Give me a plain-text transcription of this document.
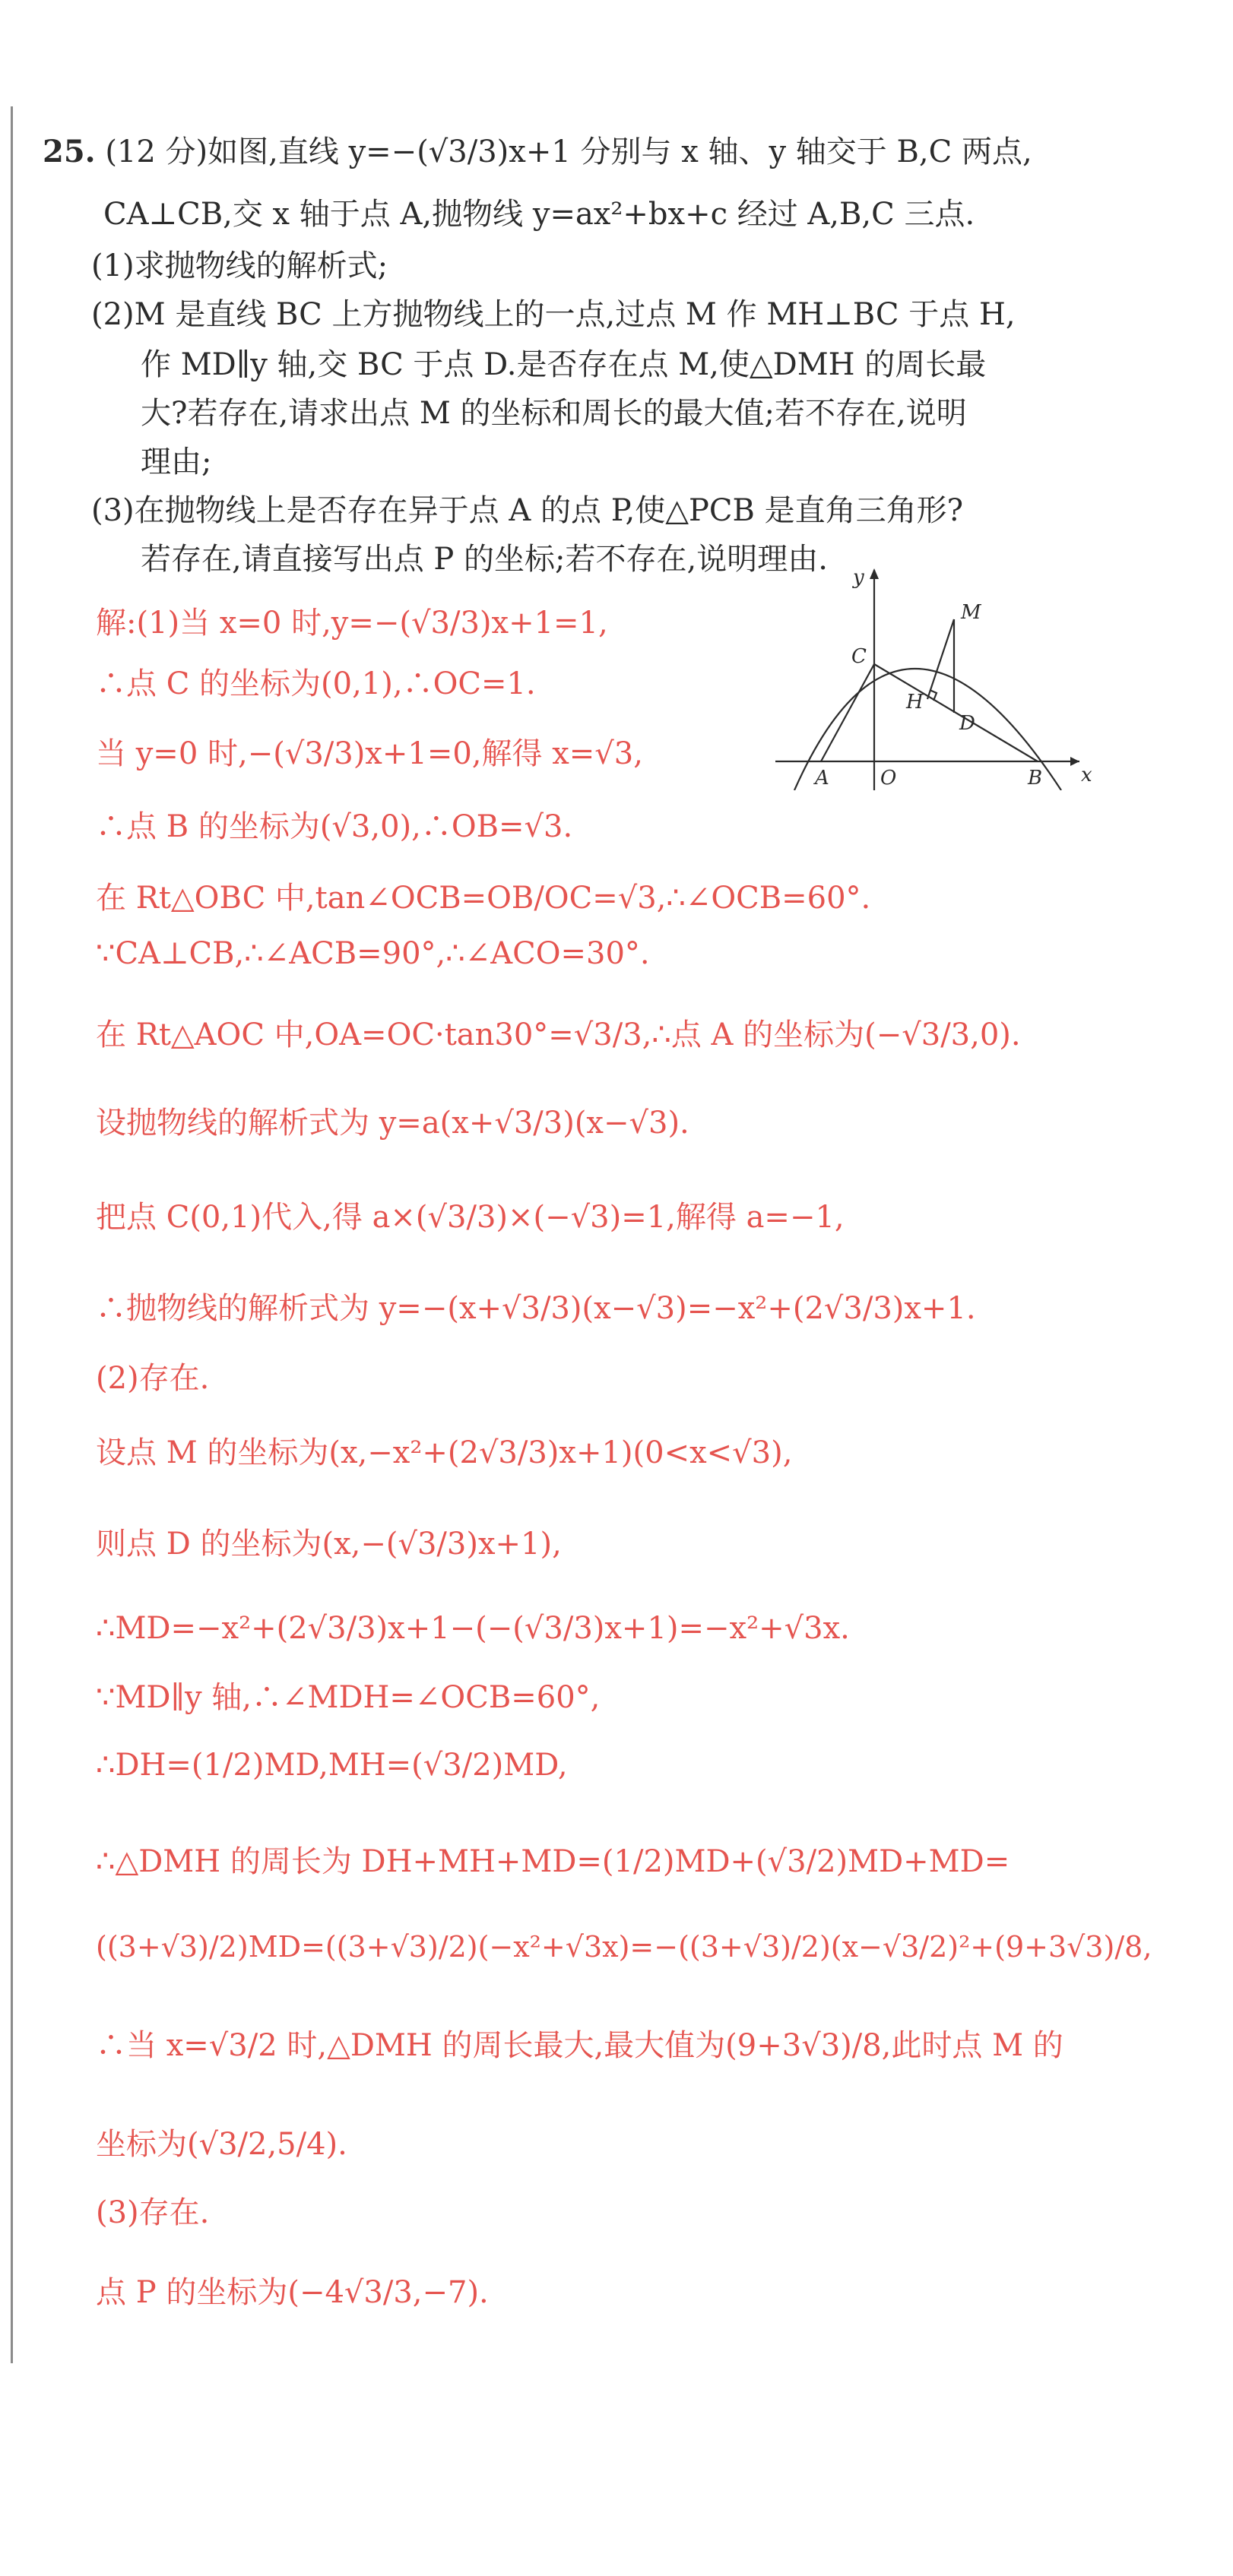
25. (12 分)如图,直线 y=−(√3/3)x+1 分别与 x 轴、y 轴交于 B,C 两点,
CA⊥CB,交 x 轴于点 A,抛物线 y=ax²+bx+c 经过 A,B,C 三点.
(1)求抛物线的解析式;
(2)M 是直线 BC 上方抛物线上的一点,过点 M 作 MH⊥BC 于点 H,
作 MD∥y 轴,交 BC 于点 D.是否存在点 M,使△DMH 的周长最
大?若存在,请求出点 M 的坐标和周长的最大值;若不存在,说明
理由;
(3)在抛物线上是否存在异于点 A 的点 P,使△PCB 是直角三角形?
若存在,请直接写出点 P 的坐标;若不存在,说明理由.
y
x
C
M
H
D
A	O	B
解:(1)当 x=0 时,y=−(√3/3)x+1=1,
∴点 C 的坐标为(0,1),∴OC=1.
当 y=0 时,−(√3/3)x+1=0,解得 x=√3,
∴点 B 的坐标为(√3,0),∴OB=√3.
在 Rt△OBC 中,tan∠OCB=OB/OC=√3,∴∠OCB=60°.
∵CA⊥CB,∴∠ACB=90°,∴∠ACO=30°.
在 Rt△AOC 中,OA=OC·tan30°=√3/3,∴点 A 的坐标为(−√3/3,0).
设抛物线的解析式为 y=a(x+√3/3)(x−√3).
把点 C(0,1)代入,得 a×(√3/3)×(−√3)=1,解得 a=−1,
∴抛物线的解析式为 y=−(x+√3/3)(x−√3)=−x²+(2√3/3)x+1.
(2)存在.
设点 M 的坐标为(x,−x²+(2√3/3)x+1)(0<x<√3),
则点 D 的坐标为(x,−(√3/3)x+1),
∴MD=−x²+(2√3/3)x+1−(−(√3/3)x+1)=−x²+√3x.
∵MD∥y 轴,∴∠MDH=∠OCB=60°,
∴DH=(1/2)MD,MH=(√3/2)MD,
∴△DMH 的周长为 DH+MH+MD=(1/2)MD+(√3/2)MD+MD=
((3+√3)/2)MD=((3+√3)/2)(−x²+√3x)=−((3+√3)/2)(x−√3/2)²+(9+3√3)/8,
∴当 x=√3/2 时,△DMH 的周长最大,最大值为(9+3√3)/8,此时点 M 的
坐标为(√3/2,5/4).
(3)存在.
点 P 的坐标为(−4√3/3,−7).
